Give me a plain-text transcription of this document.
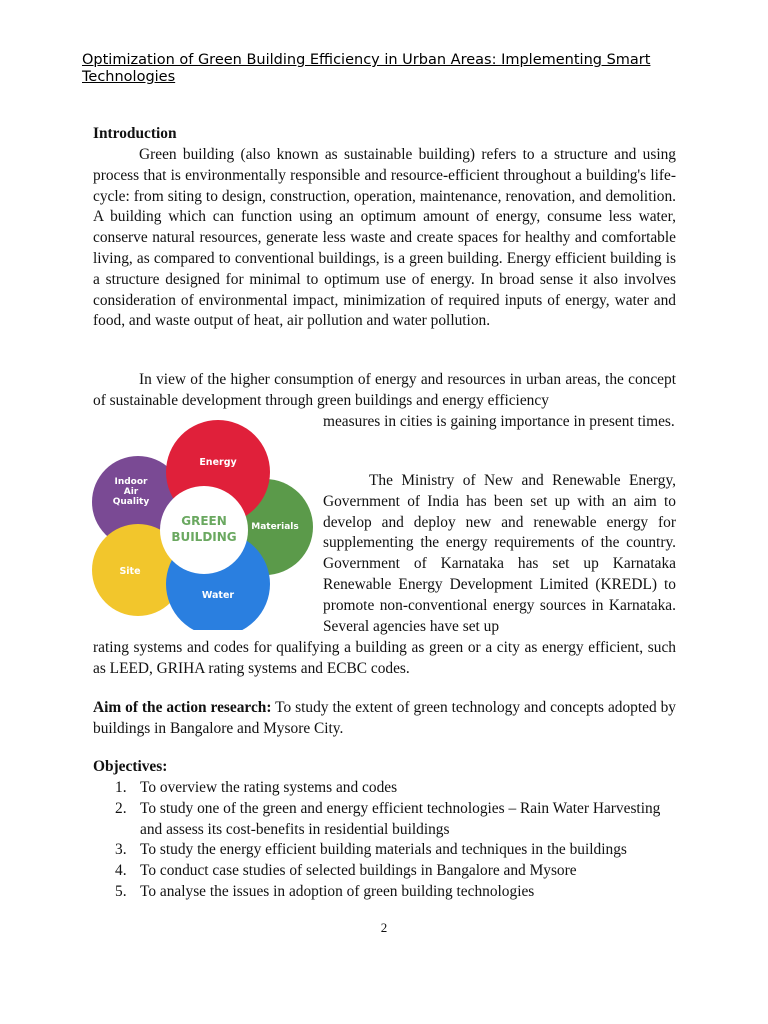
Optimization of Green Building Efficiency in Urban Areas: Implementing Smart Technologies
Introduction

Green building (also known as sustainable building) refers to a structure and using process that is environmentally responsible and resource-efficient throughout a building's life-cycle: from siting to design, construction, operation, maintenance, renovation, and demolition. A building which can function using an optimum amount of energy, consume less water, conserve natural resources, generate less waste and create spaces for healthy and comfortable living, as compared to conventional buildings, is a green building. Energy efficient building is a structure designed for minimal to optimum use of energy. In broad sense it also involves consideration of environmental impact, minimization of required inputs of energy, water and food, and waste output of heat, air pollution and water pollution.

In view of the higher consumption of energy and resources in urban areas, the concept of sustainable development through green buildings and energy efficiency

measures in cities is gaining importance in present times.

The Ministry of New and Renewable Energy, Government of India has been set up with an aim to develop and deploy new and renewable energy for supplementing the energy requirements of the country. Government of Karnataka has set up Karnataka Renewable Energy Development Limited (KREDL) to promote non-conventional energy sources in Karnataka. Several agencies have set up

rating systems and codes for qualifying a building as green or a city as energy efficient, such as LEED, GRIHA rating systems and ECBC codes.

GREEN
BUILDING
Energy
Materials
Water
Site
Indoor
Air
Quality

Aim of the action research: To study the extent of green technology and concepts adopted by buildings in Bangalore and Mysore City.

Objectives:
1. To overview the rating systems and codes
2. To study one of the green and energy efficient technologies – Rain Water Harvesting and assess its cost-benefits in residential buildings
3. To study the energy efficient building materials and techniques in the buildings
4. To conduct case studies of selected buildings in Bangalore and Mysore
5. To analyse the issues in adoption of green building technologies
2
